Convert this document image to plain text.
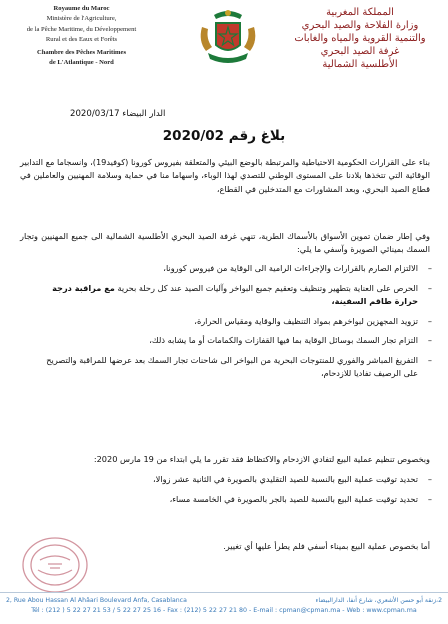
Royaume du Maroc
Ministère de l'Agriculture,
de la Pêche Maritime, du Développement
Rural et des Eaux et Forêts
Chambre des Pêches Maritimes
de L'Atlantique - Nord
المملكة المغربية
وزارة الفلاحة والصيد البحري
والتنمية القروية والمياه والغابات
غرفة الصيد البحري
الأطلسية الشمالية
الدار البيضاء 2020/03/17
بلاغ رقم 2020/02
بناء على القرارات الحكومية الاحتياطية والمرتبطة بالوضع البيئي والمتعلقة بفيروس كورونا (كوفيد19)، وانسجاما مع التدابير الوقائية التي تتخذها بلادنا على المستوى الوطني للتصدي لهذا الوباء، واسهاما منا في حماية وسلامة المهنيين والعاملين في قطاع الصيد البحري، وبعد المشاورات مع المتدخلين في القطاع،
وفي إطار ضمان تموين الأسواق بالأسماك الطرية، تنهي غرفة الصيد البحري الأطلسية الشمالية الى جميع المهنيين وتجار السمك بمينائي الصويرة وآسفي ما يلي:
– الالتزام الصارم بالقرارات والإجراءات الرامية الى الوقاية من فيروس كورونا،
– الحرص على العناية بتطهير وتنظيف وتعقيم جميع البواخر وآليات الصيد عند كل رحلة بحرية مع مراقبة درجة حرارة طاقم السفينة،
– تزويد المجهزين لبواخرهم بمواد التنظيف والوقاية ومقياس الحرارة،
– التزام تجار السمك بوسائل الوقاية بما فيها القفازات والكمامات أو ما يشابه ذلك،
– التفريغ المباشر والفوري للمنتوجات البحرية من البواخر الى شاحنات تجار السمك بعد عرضها للمراقبة والتصريح على الرصيف تفاديا للازدحام،
وبخصوص تنظيم عملية البيع لتفادي الازدحام والاكتظاظ فقد تقرر ما يلي ابتداء من 19 مارس 2020:
– تحديد توقيت عملية البيع بالنسبة للصيد التقليدي بالصويرة في الثانية عشر زوالا،
– تحديد توقيت عملية البيع بالنسبة للصيد بالجر بالصويرة في الخامسة مساء،
أما بخصوص عملية البيع بميناء أسفي فلم يطرأ عليها أي تغيير.
2, Rue Abou Hassan Al Ahâari Boulevard Anfa, Casablanca	2،زنقة أبو حسن الأشعري، شارع أنفا، الدارالبيضاء
Tél : (212 ) 5 22 27 21 53 / 5 22 27 25 16 - Fax : (212) 5 22 27 21 80 - E-mail : cpman@cpman.ma - Web : www.cpman.ma
